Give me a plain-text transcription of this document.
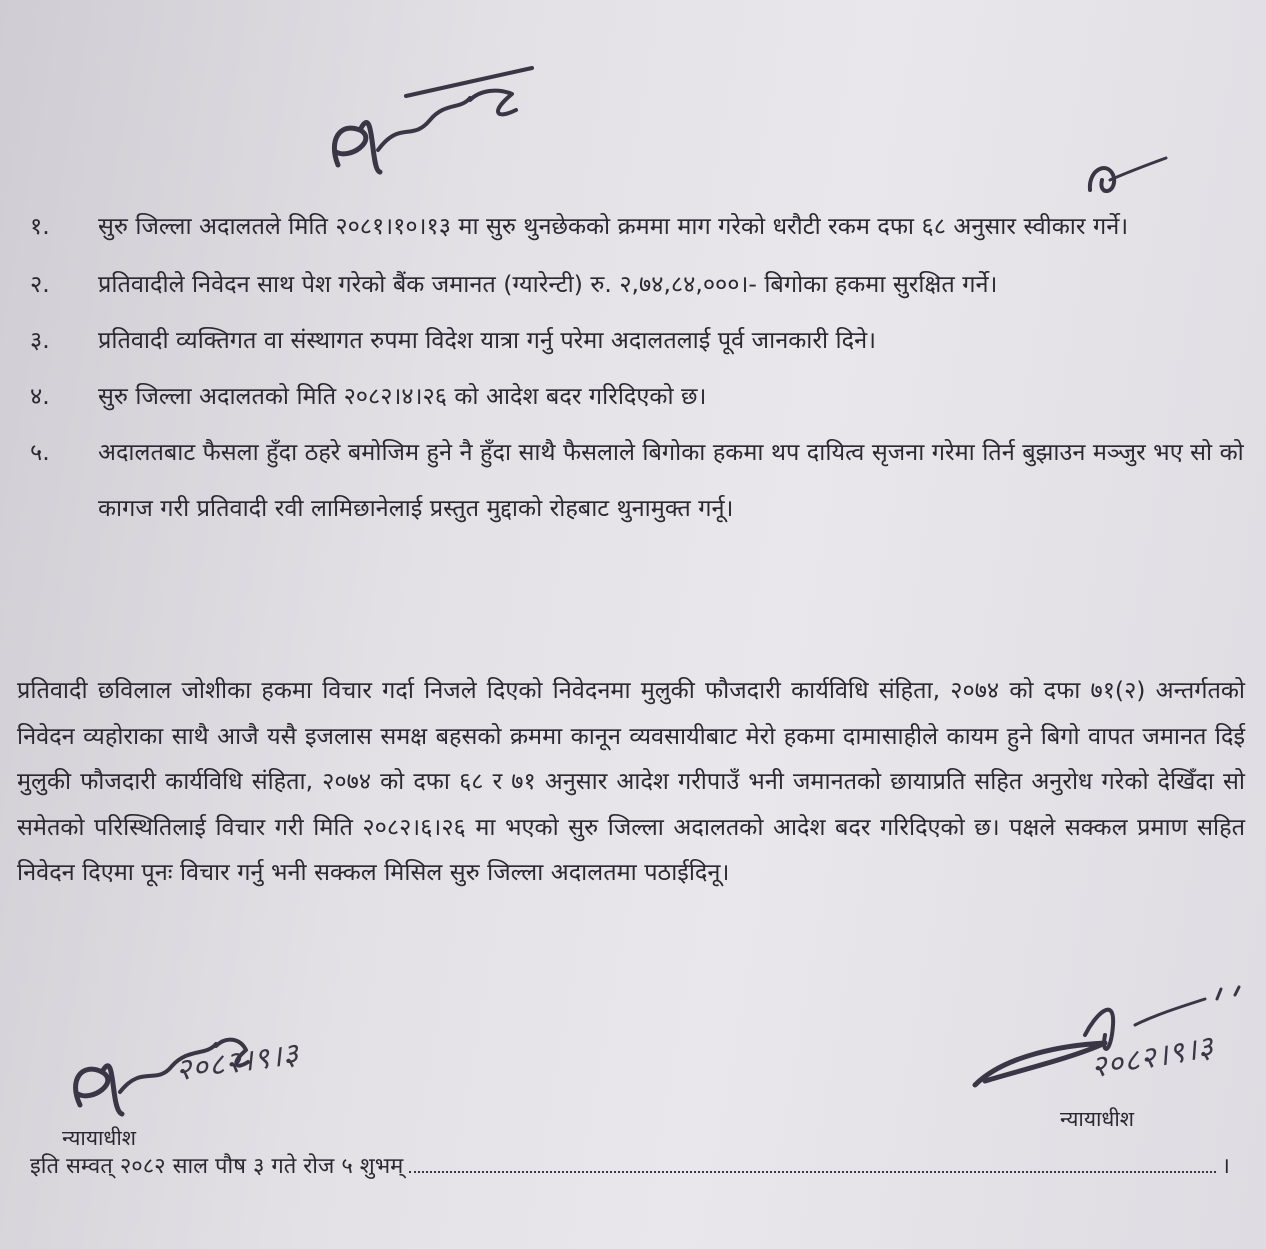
१. सुरु जिल्ला अदालतले मिति २०८१।१०।१३ मा सुरु थुनछेकको क्रममा माग गरेको धरौटी रकम दफा ६८ अनुसार स्वीकार गर्ने।
२. प्रतिवादीले निवेदन साथ पेश गरेको बैंक जमानत (ग्यारेन्टी) रु. २,७४,८४,०००।- बिगोका हकमा सुरक्षित गर्ने।
३. प्रतिवादी व्यक्तिगत वा संस्थागत रुपमा विदेश यात्रा गर्नु परेमा अदालतलाई पूर्व जानकारी दिने।
४. सुरु जिल्ला अदालतको मिति २०८२।४।२६ को आदेश बदर गरिदिएको छ।
५. अदालतबाट फैसला हुँदा ठहरे बमोजिम हुने नै हुँदा साथै फैसलाले बिगोका हकमा थप दायित्व सृजना गरेमा तिर्न बुझाउन मञ्जुर भए सो को कागज गरी प्रतिवादी रवी लामिछानेलाई प्रस्तुत मुद्दाको रोहबाट थुनामुक्त गर्नू।
प्रतिवादी छविलाल जोशीका हकमा विचार गर्दा निजले दिएको निवेदनमा मुलुकी फौजदारी कार्यविधि संहिता, २०७४ को दफा ७१(२) अन्तर्गतको निवेदन व्यहोराका साथै आजै यसै इजलास समक्ष बहसको क्रममा कानून व्यवसायीबाट मेरो हकमा दामासाहीले कायम हुने बिगो वापत जमानत दिई मुलुकी फौजदारी कार्यविधि संहिता, २०७४ को दफा ६८ र ७१ अनुसार आदेश गरीपाउँ भनी जमानतको छायाप्रति सहित अनुरोध गरेको देखिँदा सो समेतको परिस्थितिलाई विचार गरी मिति २०८२।६।२६ मा भएको सुरु जिल्ला अदालतको आदेश बदर गरिदिएको छ। पक्षले सक्कल प्रमाण सहित निवेदन दिएमा पूनः विचार गर्नु भनी सक्कल मिसिल सुरु जिल्ला अदालतमा पठाईदिनू।
२०८२।९।३
न्यायाधीश
२०८२।९।३
न्यायाधीश
इति सम्वत् २०८२ साल पौष ३ गते रोज ५ शुभम्	।
